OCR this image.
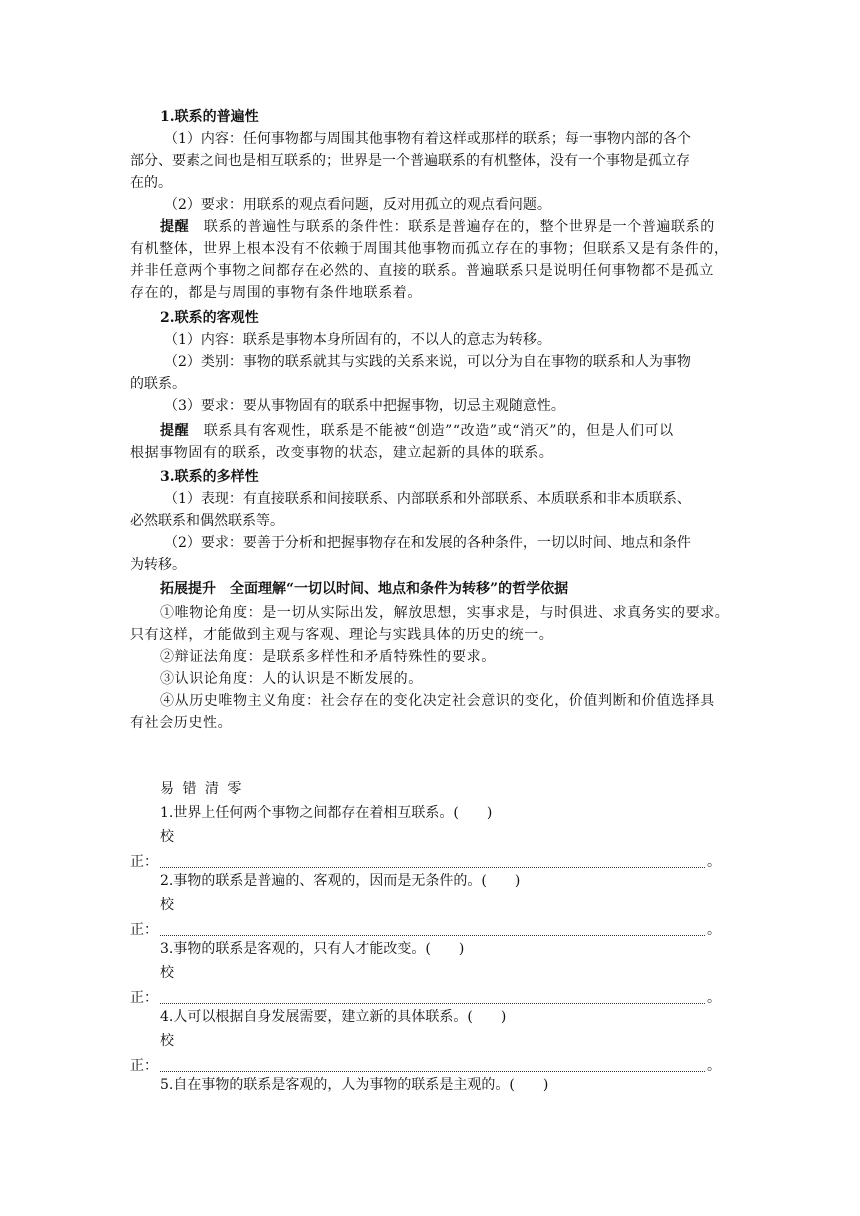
1.联系的普遍性
（1）内容：任何事物都与周围其他事物有着这样或那样的联系；每一事物内部的各个
部分、要素之间也是相互联系的；世界是一个普遍联系的有机整体，没有一个事物是孤立存
在的。
（2）要求：用联系的观点看问题，反对用孤立的观点看问题。
提醒　 联系的普遍性与联系的条件性：联系是普遍存在的，整个世界是一个普遍联系的
有机整体，世界上根本没有不依赖于周围其他事物而孤立存在的事物；但联系又是有条件的，
并非任意两个事物之间都存在必然的、直接的联系。普遍联系只是说明任何事物都不是孤立
存在的，都是与周围的事物有条件地联系着。
2.联系的客观性
（1）内容：联系是事物本身所固有的，不以人的意志为转移。
（2）类别：事物的联系就其与实践的关系来说，可以分为自在事物的联系和人为事物
的联系。
（3）要求：要从事物固有的联系中把握事物，切忌主观随意性。
提醒　 联系具有客观性，联系是不能被“创造”“改造”或“消灭”的，但是人们可以
根据事物固有的联系，改变事物的状态，建立起新的具体的联系。
3.联系的多样性
（1）表现：有直接联系和间接联系、内部联系和外部联系、本质联系和非本质联系、
必然联系和偶然联系等。
（2）要求：要善于分析和把握事物存在和发展的各种条件，一切以时间、地点和条件
为转移。
拓展提升　全面理解“一切以时间、地点和条件为转移”的哲学依据
①唯物论角度：是一切从实际出发，解放思想，实事求是，与时俱进、求真务实的要求。
只有这样，才能做到主观与客观、理论与实践具体的历史的统一。
②辩证法角度：是联系多样性和矛盾特殊性的要求。
③认识论角度：人的认识是不断发展的。
④从历史唯物主义角度：社会存在的变化决定社会意识的变化，价值判断和价值选择具
有社会历史性。
易 错 清 零
1.世界上任何两个事物之间都存在着相互联系。(　　)
校
正：	。
2.事物的联系是普遍的、客观的，因而是无条件的。(　　)
校
正：	。
3.事物的联系是客观的，只有人才能改变。(　　)
校
正：	。
4.人可以根据自身发展需要，建立新的具体联系。(　　)
校
正：	。
5.自在事物的联系是客观的，人为事物的联系是主观的。(　　)
